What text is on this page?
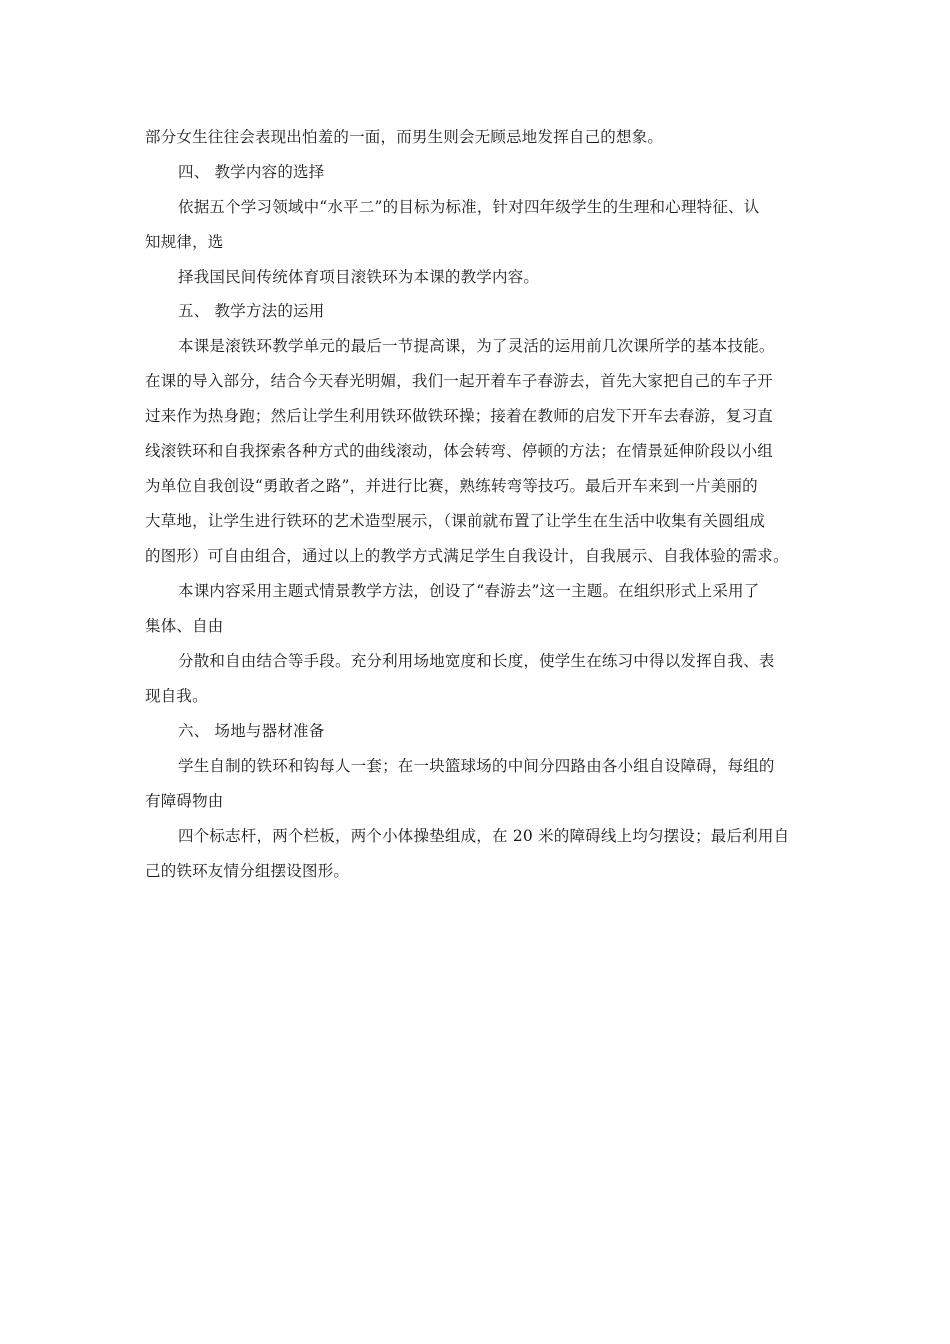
部分女生往往会表现出怕羞的一面，而男生则会无顾忌地发挥自己的想象。
四、 教学内容的选择
依据五个学习领域中“水平二”的目标为标准，针对四年级学生的生理和心理特征、认
知规律，选
择我国民间传统体育项目滚铁环为本课的教学内容。
五、 教学方法的运用
本课是滚铁环教学单元的最后一节提高课，为了灵活的运用前几次课所学的基本技能。
在课的导入部分，结合今天春光明媚，我们一起开着车子春游去，首先大家把自己的车子开
过来作为热身跑；然后让学生利用铁环做铁环操；接着在教师的启发下开车去春游，复习直
线滚铁环和自我探索各种方式的曲线滚动，体会转弯、停顿的方法；在情景延伸阶段以小组
为单位自我创设“勇敢者之路”，并进行比赛，熟练转弯等技巧。最后开车来到一片美丽的
大草地，让学生进行铁环的艺术造型展示，（课前就布置了让学生在生活中收集有关圆组成
的图形）可自由组合，通过以上的教学方式满足学生自我设计，自我展示、自我体验的需求。
本课内容采用主题式情景教学方法，创设了“春游去”这一主题。在组织形式上采用了
集体、自由
分散和自由结合等手段。充分利用场地宽度和长度，使学生在练习中得以发挥自我、表
现自我。
六、 场地与器材准备
学生自制的铁环和钩每人一套；在一块篮球场的中间分四路由各小组自设障碍，每组的
有障碍物由
四个标志杆，两个栏板，两个小体操垫组成，在 20 米的障碍线上均匀摆设；最后利用自
己的铁环友情分组摆设图形。
